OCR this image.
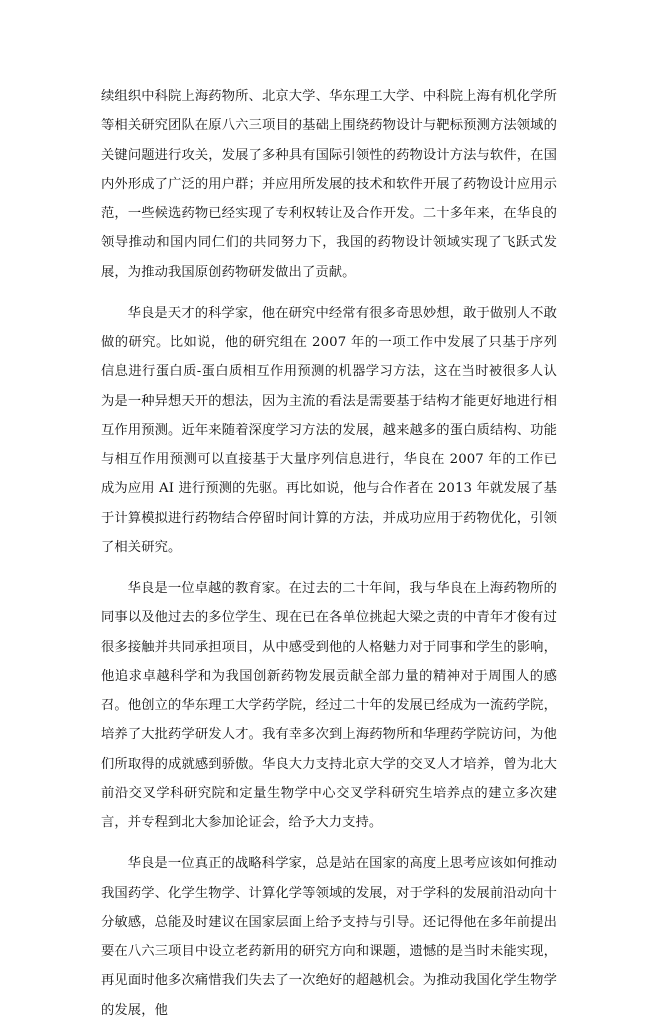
续组织中科院上海药物所、北京大学、华东理工大学、中科院上海有机化学所等相关研究团队在原八六三项目的基础上围绕药物设计与靶标预测方法领域的关键问题进行攻关，发展了多种具有国际引领性的药物设计方法与软件，在国内外形成了广泛的用户群；并应用所发展的技术和软件开展了药物设计应用示范，一些候选药物已经实现了专利权转让及合作开发。二十多年来，在华良的领导推动和国内同仁们的共同努力下，我国的药物设计领域实现了飞跃式发展，为推动我国原创药物研发做出了贡献。

华良是天才的科学家，他在研究中经常有很多奇思妙想，敢于做别人不敢做的研究。比如说，他的研究组在 2007 年的一项工作中发展了只基于序列信息进行蛋白质-蛋白质相互作用预测的机器学习方法，这在当时被很多人认为是一种异想天开的想法，因为主流的看法是需要基于结构才能更好地进行相互作用预测。近年来随着深度学习方法的发展，越来越多的蛋白质结构、功能与相互作用预测可以直接基于大量序列信息进行，华良在 2007 年的工作已成为应用 AI 进行预测的先驱。再比如说，他与合作者在 2013 年就发展了基于计算模拟进行药物结合停留时间计算的方法，并成功应用于药物优化，引领了相关研究。

华良是一位卓越的教育家。在过去的二十年间，我与华良在上海药物所的同事以及他过去的多位学生、现在已在各单位挑起大梁之责的中青年才俊有过很多接触并共同承担项目，从中感受到他的人格魅力对于同事和学生的影响，他追求卓越科学和为我国创新药物发展贡献全部力量的精神对于周围人的感召。他创立的华东理工大学药学院，经过二十年的发展已经成为一流药学院，培养了大批药学研发人才。我有幸多次到上海药物所和华理药学院访问，为他们所取得的成就感到骄傲。华良大力支持北京大学的交叉人才培养，曾为北大前沿交叉学科研究院和定量生物学中心交叉学科研究生培养点的建立多次建言，并专程到北大参加论证会，给予大力支持。

华良是一位真正的战略科学家，总是站在国家的高度上思考应该如何推动我国药学、化学生物学、计算化学等领域的发展，对于学科的发展前沿动向十分敏感，总能及时建议在国家层面上给予支持与引导。还记得他在多年前提出要在八六三项目中设立老药新用的研究方向和课题，遗憾的是当时未能实现，再见面时他多次痛惜我们失去了一次绝好的超越机会。为推动我国化学生物学的发展，他
